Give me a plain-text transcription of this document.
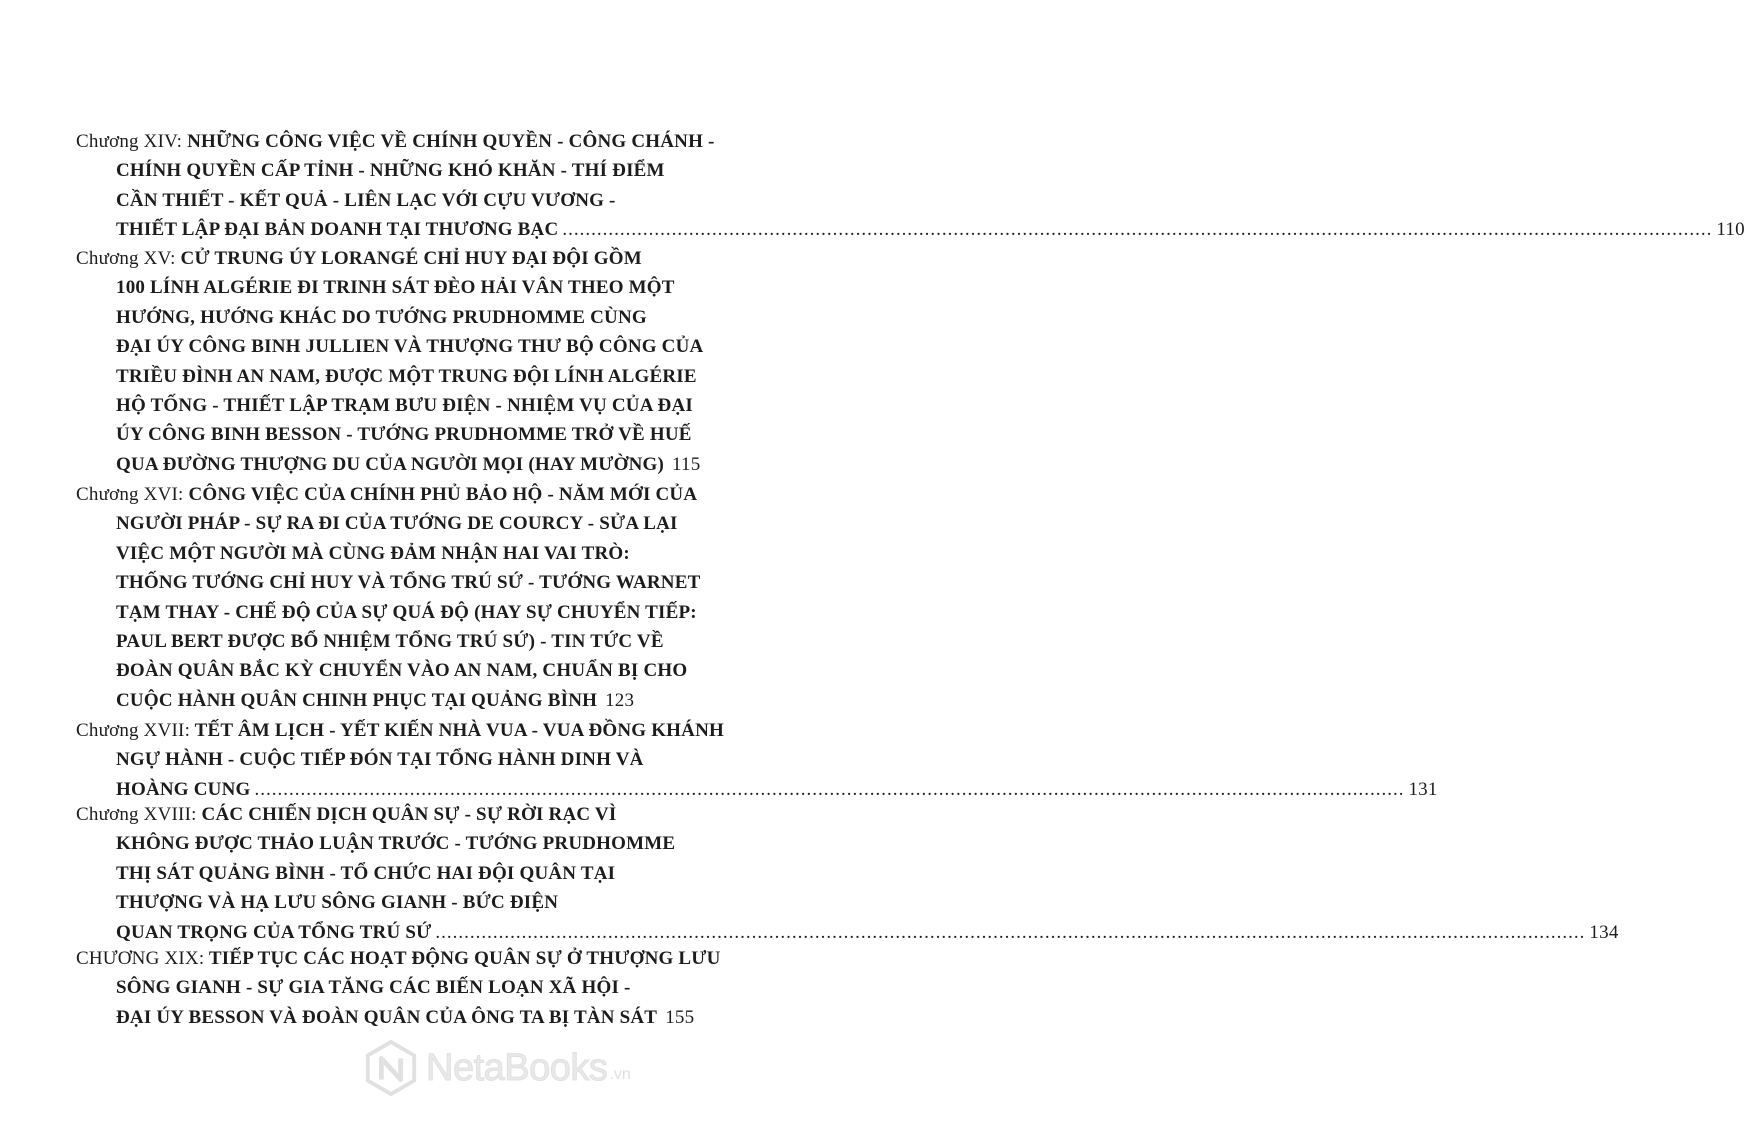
Chương XIV: NHỮNG CÔNG VIỆC VỀ CHÍNH QUYỀN - CÔNG CHÁNH -
CHÍNH QUYỀN CẤP TỈNH - NHỮNG KHÓ KHĂN - THÍ ĐIỂM
CẦN THIẾT - KẾT QUẢ - LIÊN LẠC VỚI CỰU VƯƠNG -
THIẾT LẬP ĐẠI BẢN DOANH TẠI THƯƠNG BẠC ........................................................................................................................................................................................................ 110
Chương XV: CỬ TRUNG ÚY LORANGÉ CHỈ HUY ĐẠI ĐỘI GỒM
100 LÍNH ALGÉRIE ĐI TRINH SÁT ĐÈO HẢI VÂN THEO MỘT
HƯỚNG, HƯỚNG KHÁC DO TƯỚNG PRUDHOMME CÙNG
ĐẠI ÚY CÔNG BINH JULLIEN VÀ THƯỢNG THƯ BỘ CÔNG CỦA
TRIỀU ĐÌNH AN NAM, ĐƯỢC MỘT TRUNG ĐỘI LÍNH ALGÉRIE
HỘ TỐNG - THIẾT LẬP TRẠM BƯU ĐIỆN - NHIỆM VỤ CỦA ĐẠI
ÚY CÔNG BINH BESSON - TƯỚNG PRUDHOMME TRỞ VỀ HUẾ
QUA ĐƯỜNG THƯỢNG DU CỦA NGƯỜI MỌI (HAY MƯỜNG) 115
Chương XVI: CÔNG VIỆC CỦA CHÍNH PHỦ BẢO HỘ - NĂM MỚI CỦA
NGƯỜI PHÁP - SỰ RA ĐI CỦA TƯỚNG DE COURCY - SỬA LẠI
VIỆC MỘT NGƯỜI MÀ CÙNG ĐẢM NHẬN HAI VAI TRÒ:
THỐNG TƯỚNG CHỈ HUY VÀ TỔNG TRÚ SỨ - TƯỚNG WARNET
TẠM THAY - CHẾ ĐỘ CỦA SỰ QUÁ ĐỘ (HAY SỰ CHUYỂN TIẾP:
PAUL BERT ĐƯỢC BỔ NHIỆM TỔNG TRÚ SỨ) - TIN TỨC VỀ
ĐOÀN QUÂN BẮC KỲ CHUYỂN VÀO AN NAM, CHUẨN BỊ CHO
CUỘC HÀNH QUÂN CHINH PHỤC TẠI QUẢNG BÌNH 123
Chương XVII: TẾT ÂM LỊCH - YẾT KIẾN NHÀ VUA - VUA ĐỒNG KHÁNH
NGỰ HÀNH - CUỘC TIẾP ĐÓN TẠI TỔNG HÀNH DINH VÀ
HOÀNG CUNG ........................................................................................................................................................................................................ 131
Chương XVIII: CÁC CHIẾN DỊCH QUÂN SỰ - SỰ RỜI RẠC VÌ
KHÔNG ĐƯỢC THẢO LUẬN TRƯỚC - TƯỚNG PRUDHOMME
THỊ SÁT QUẢNG BÌNH - TỔ CHỨC HAI ĐỘI QUÂN TẠI
THƯỢNG VÀ HẠ LƯU SÔNG GIANH - BỨC ĐIỆN
QUAN TRỌNG CỦA TỔNG TRÚ SỨ ........................................................................................................................................................................................................ 134
CHƯƠNG XIX: TIẾP TỤC CÁC HOẠT ĐỘNG QUÂN SỰ Ở THƯỢNG LƯU
SÔNG GIANH - SỰ GIA TĂNG CÁC BIẾN LOẠN XÃ HỘI -
ĐẠI ÚY BESSON VÀ ĐOÀN QUÂN CỦA ÔNG TA BỊ TÀN SÁT 155
NetaBooks .vn
